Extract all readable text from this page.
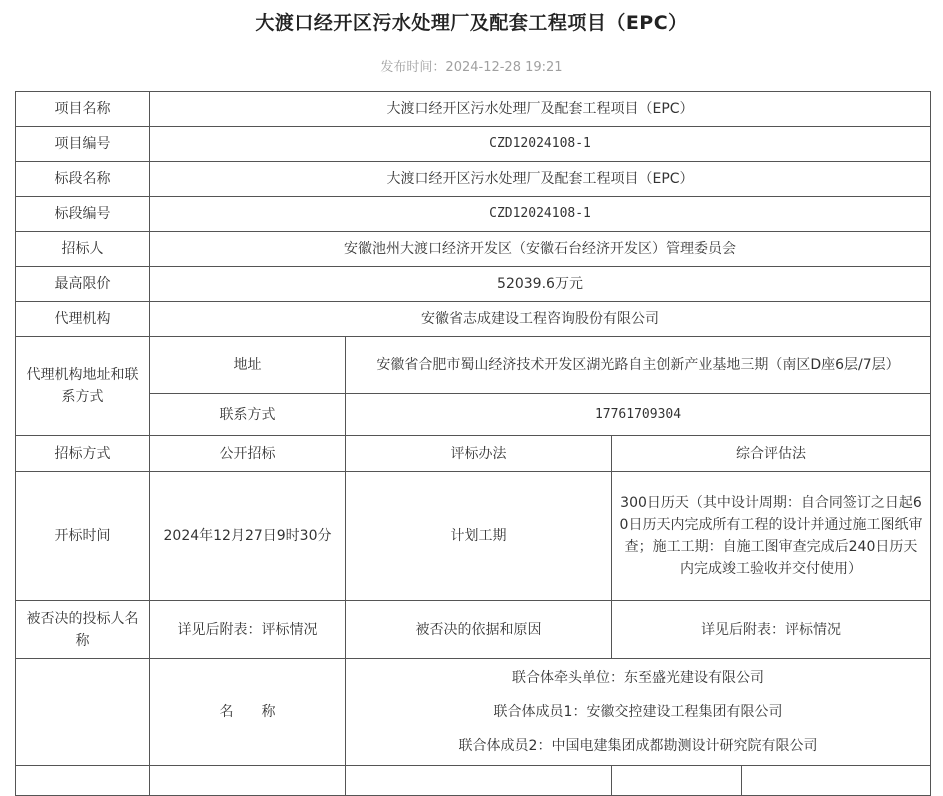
大渡口经开区污水处理厂及配套工程项目（EPC）
发布时间：2024-12-28 19:21
项目名称	大渡口经开区污水处理厂及配套工程项目（EPC）			
项目编号	CZD12024108-1			
标段名称	大渡口经开区污水处理厂及配套工程项目（EPC）			
标段编号	CZD12024108-1			
招标人	安徽池州大渡口经济开发区（安徽石台经济开发区）管理委员会			
最高限价	52039.6万元			
代理机构	安徽省志成建设工程咨询股份有限公司			
代理机构地址和联系方式	地址	安徽省合肥市蜀山经济技术开发区湖光路自主创新产业基地三期（南区D座6层/7层）		
	联系方式	17761709304		
招标方式	公开招标	评标办法	综合评估法	
开标时间	2024年12月27日9时30分	计划工期	300日历天（其中设计周期：自合同签订之日起60日历天内完成所有工程的设计并通过施工图纸审查；施工工期：自施工图审查完成后240日历天内完成竣工验收并交付使用）	
被否决的投标人名称	详见后附表：评标情况	被否决的依据和原因	详见后附表：评标情况	
	名　　称	联合体牵头单位：东至盛光建设有限公司
联合体成员1：安徽交控建设工程集团有限公司
联合体成员2：中国电建集团成都勘测设计研究院有限公司		
